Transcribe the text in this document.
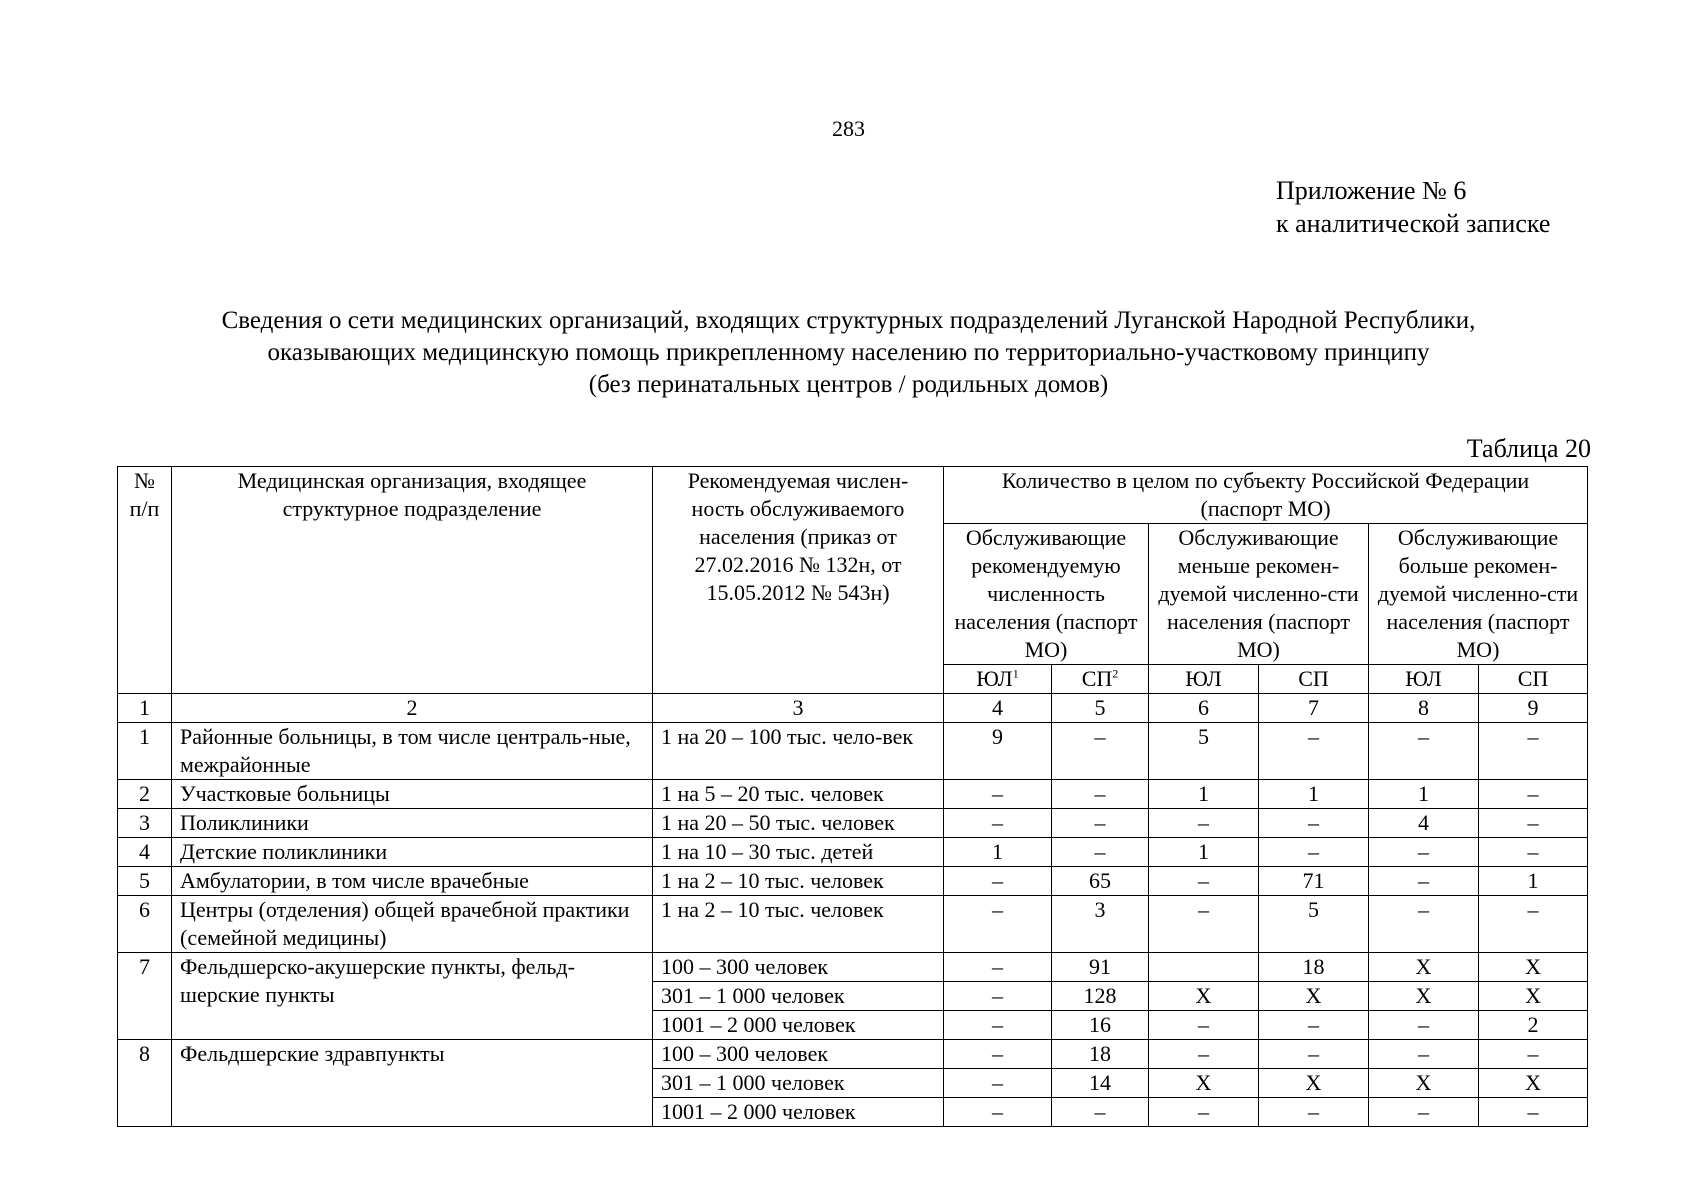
283
Приложение № 6
к аналитической записке
Сведения о сети медицинских организаций, входящих структурных подразделений Луганской Народной Республики,
оказывающих медицинскую помощь прикрепленному населению по территориально-участковому принципу
(без перинатальных центров / родильных домов)
Таблица 20
№ п/п	Медицинская организация, входящее структурное подразделение	Рекомендуемая числен-ность обслуживаемого населения (приказ от 27.02.2016 № 132н, от 15.05.2012 № 543н)	Количество в целом по субъекту Российской Федерации (паспорт МО)					
			Обслуживающие рекомендуемую численность населения (паспорт МО)		Обслуживающие меньше рекомен-дуемой численно-сти населения (паспорт МО)		Обслуживающие больше рекомен-дуемой численно-сти населения (паспорт МО)	
			$ЮЛ^1$	$СП^2$	ЮЛ	СП	ЮЛ	СП
1	2	3	4	5	6	7	8	9
1	Районные больницы, в том числе централь-ные, межрайонные	1 на 20 – 100 тыс. чело-век	9	–	5	–	–	–
2	Участковые больницы	1 на 5 – 20 тыс. человек	–	–	1	1	1	–
3	Поликлиники	1 на 20 – 50 тыс. человек	–	–	–	–	4	–
4	Детские поликлиники	1 на 10 – 30 тыс. детей	1	–	1	–	–	–
5	Амбулатории, в том числе врачебные	1 на 2 – 10 тыс. человек	–	65	–	71	–	1
6	Центры (отделения) общей врачебной практики (семейной медицины)	1 на 2 – 10 тыс. человек	–	3	–	5	–	–
7	Фельдшерско-акушерские пункты, фельд-шерские пункты	100 – 300 человек	–	91		18	X	X
		301 – 1 000 человек	–	128	X	X	X	X
		1001 – 2 000 человек	–	16	–	–	–	2
8	Фельдшерские здравпункты	100 – 300 человек	–	18	–	–	–	–
		301 – 1 000 человек	–	14	X	X	X	X
		1001 – 2 000 человек	–	–	–	–	–	–
